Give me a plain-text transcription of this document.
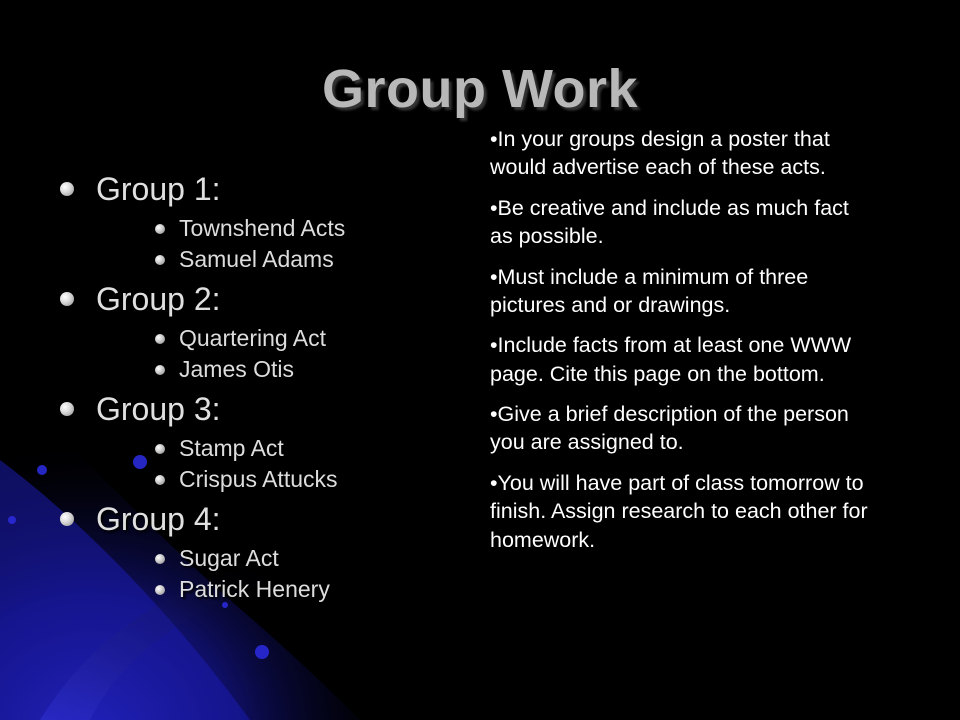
Group Work
Group 1:
Townshend Acts
Samuel Adams
Group 2:
Quartering Act
James Otis
Group 3:
Stamp Act
Crispus Attucks
Group 4:
Sugar Act
Patrick Henery

•In your groups design a poster that would advertise each of these acts.

•Be creative and include as much fact as possible.

•Must include a minimum of three pictures and or drawings.

•Include facts from at least one WWW page. Cite this page on the bottom.

•Give a brief description of the person you are assigned to.

•You will have part of class tomorrow to finish. Assign research to each other for homework.
